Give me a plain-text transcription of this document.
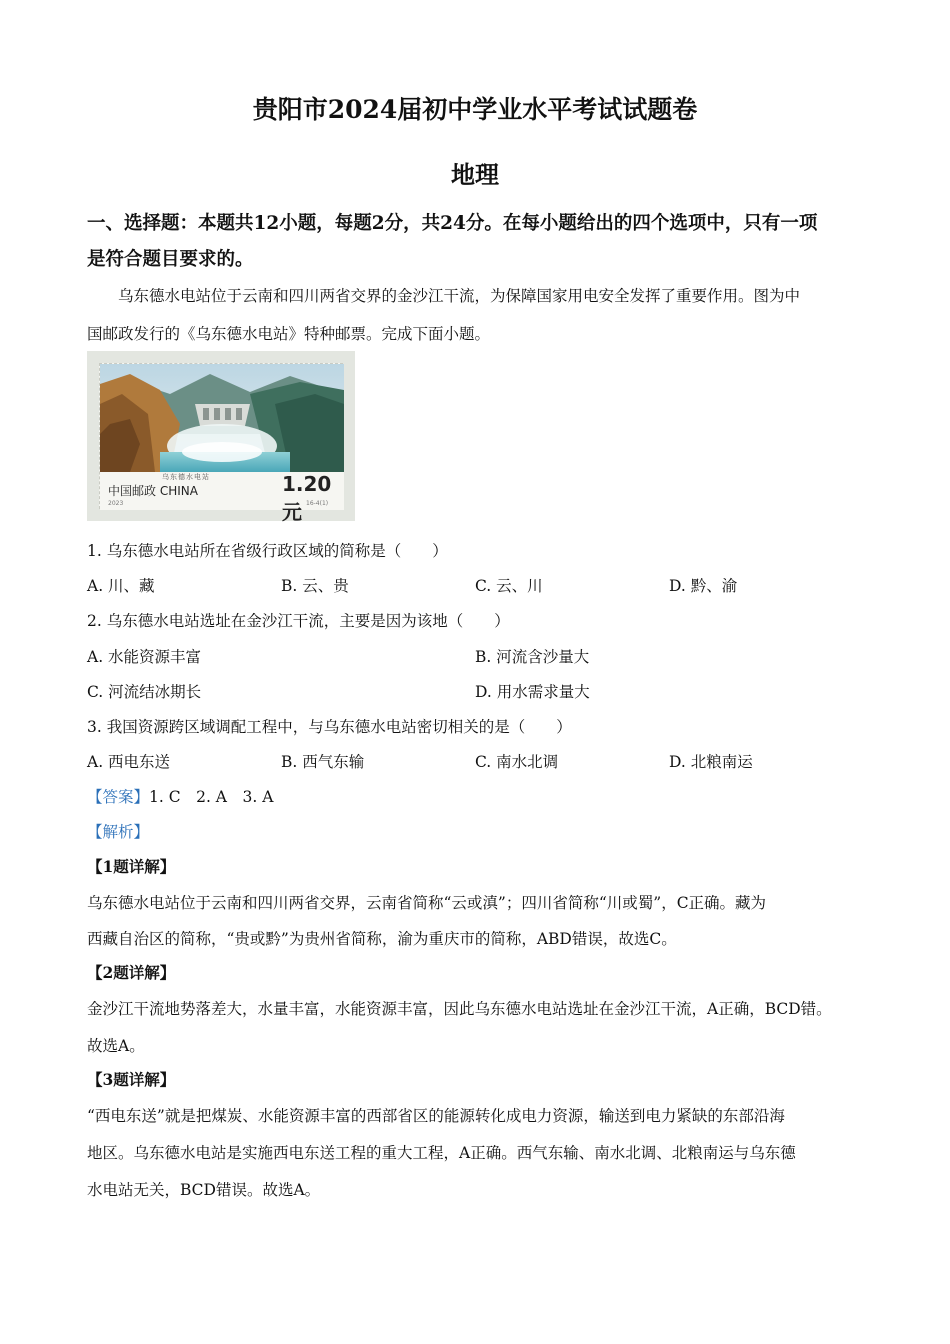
贵阳市2024届初中学业水平考试试题卷
地理
一、选择题：本题共12小题，每题2分，共24分。在每小题给出的四个选项中，只有一项
是符合题目要求的。
乌东德水电站位于云南和四川两省交界的金沙江干流，为保障国家用电安全发挥了重要作用。图为中
国邮政发行的《乌东德水电站》特种邮票。完成下面小题。
乌东德水电站
中国邮政 CHINA	1.20元
2023	16-4(1)
1. 乌东德水电站所在省级行政区域的简称是（　　）
A. 川、藏	B. 云、贵	C. 云、川	D. 黔、渝
2. 乌东德水电站选址在金沙江干流，主要是因为该地（　　）
A. 水能资源丰富	B. 河流含沙量大
C. 河流结冰期长	D. 用水需求量大
3. 我国资源跨区域调配工程中，与乌东德水电站密切相关的是（　　）
A. 西电东送	B. 西气东输	C. 南水北调	D. 北粮南运
【答案】1. C　2. A　3. A
【解析】
【1题详解】
乌东德水电站位于云南和四川两省交界，云南省简称“云或滇”；四川省简称“川或蜀”，C正确。藏为
西藏自治区的简称，“贵或黔”为贵州省简称，渝为重庆市的简称，ABD错误，故选C。
【2题详解】
金沙江干流地势落差大，水量丰富，水能资源丰富，因此乌东德水电站选址在金沙江干流，A正确，BCD错。
故选A。
【3题详解】
“西电东送”就是把煤炭、水能资源丰富的西部省区的能源转化成电力资源，输送到电力紧缺的东部沿海
地区。乌东德水电站是实施西电东送工程的重大工程，A正确。西气东输、南水北调、北粮南运与乌东德
水电站无关，BCD错误。故选A。
